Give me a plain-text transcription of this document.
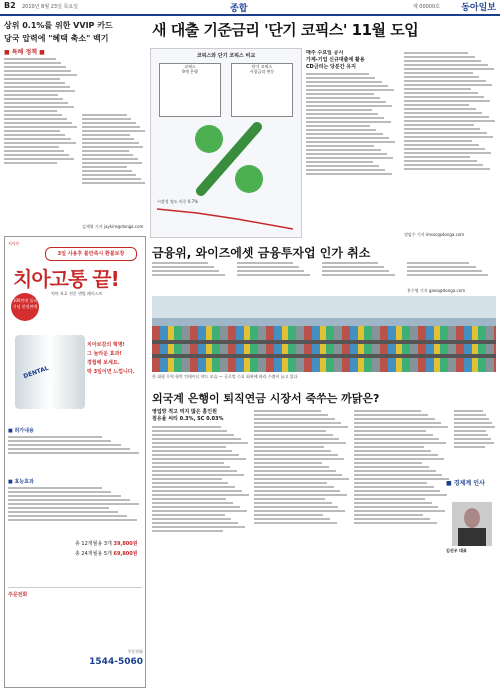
B2 2010년 8월 23일 목요일	종합	제 00000호 동아일보
상위 0.1%를 위한 VVIP 카드
당국 압력에 "혜택 축소" 백기
■ 특혜 정책 ■
김재영 기자 jaykim@donga.com
새 대출 기준금리 '단기 코픽스' 11월 도입
코픽스와 단기 코픽스 비교
코픽스
9개 은행
단기 코픽스
시장금리 연동
시장성 정도 비중 0.7%
매주 수요일 공시
가계-기업 신규대출에 활용
CD금리는 당분간 유지
정임수 기자 imsoo@donga.com
금융위, 와이즈에셋 금융투자업 인가 취소
홍수영 기자 gaea@donga.com
한 대형 무역 항만 컨테이너 야드 모습 — 글로벌 수요 회복에 따라 수출이 늘고 있다
외국계 은행이 퇴직연금 시장서 죽쑤는 까닭은?
영업망 적고 먹지 많은 홈인원
점유율 씨티 0.3%, SC 0.03%
■ 경제계 인사
김선우 대표
치아본
3일 사용후 불만족시 환불보장
치아고통 끝!
100만개 돌파기념 한정판매
치아 보호 전문 덴탈 페이스트
DENTAL
치아보감의 혁명!
그 놀라운 효과!
경험해 보세요.
딱 3일이면 느낍니다.
■ 허가내용
■ 효능효과
총 12개월용 3개 39,800원
총 24개월용 5개 69,800원
주문전화
주문전화
1544-5060
